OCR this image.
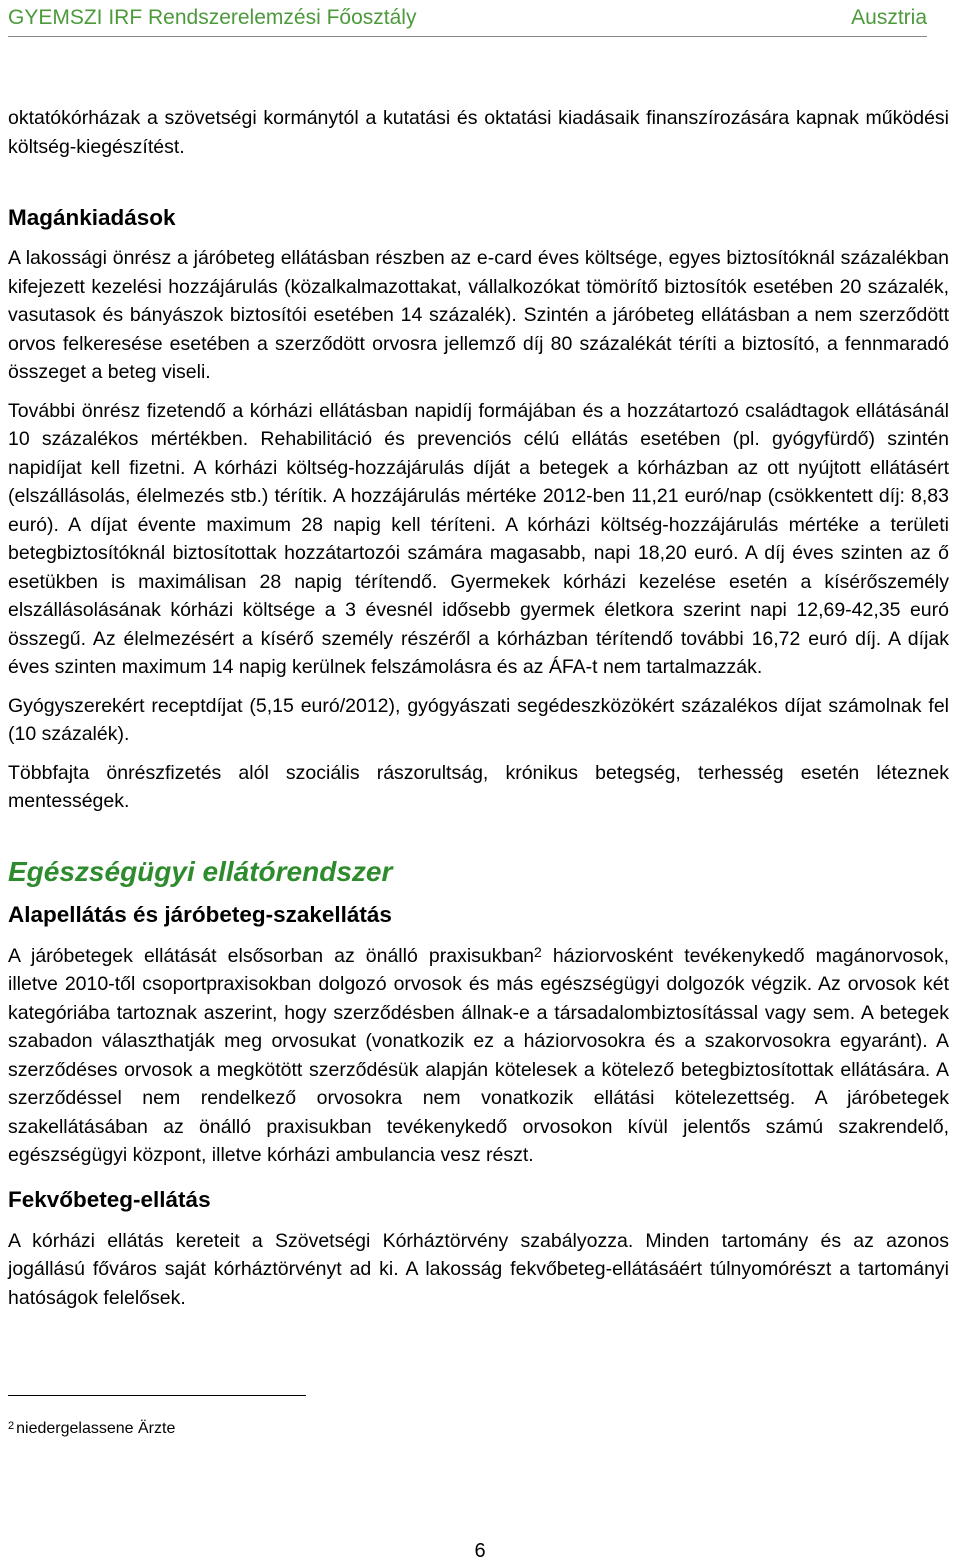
GYEMSZI IRF Rendszerelemzési Főosztály	Ausztria

oktatókórházak a szövetségi kormánytól a kutatási és oktatási kiadásaik finanszírozására kapnak működési költség-kiegészítést.

Magánkiadások

A lakossági önrész a járóbeteg ellátásban részben az e-card éves költsége, egyes biztosítóknál százalékban kifejezett kezelési hozzájárulás (közalkalmazottakat, vállalkozókat tömörítő biztosítók esetében 20 százalék, vasutasok és bányászok biztosítói esetében 14 százalék). Szintén a járóbeteg ellátásban a nem szerződött orvos felkeresése esetében a szerződött orvosra jellemző díj 80 százalékát téríti a biztosító, a fennmaradó összeget a beteg viseli.

További önrész fizetendő a kórházi ellátásban napidíj formájában és a hozzátartozó családtagok ellátásánál 10 százalékos mértékben. Rehabilitáció és prevenciós célú ellátás esetében (pl. gyógyfürdő) szintén napidíjat kell fizetni. A kórházi költség-hozzájárulás díját a betegek a kórházban az ott nyújtott ellátásért (elszállásolás, élelmezés stb.) térítik. A hozzájárulás mértéke 2012-ben 11,21 euró/nap (csökkentett díj: 8,83 euró). A díjat évente maximum 28 napig kell téríteni. A kórházi költség-hozzájárulás mértéke a területi betegbiztosítóknál biztosítottak hozzátartozói számára magasabb, napi 18,20 euró. A díj éves szinten az ő esetükben is maximálisan 28 napig térítendő. Gyermekek kórházi kezelése esetén a kísérőszemély elszállásolásának kórházi költsége a 3 évesnél idősebb gyermek életkora szerint napi 12,69-42,35 euró összegű. Az élelmezésért a kísérő személy részéről a kórházban térítendő további 16,72 euró díj. A díjak éves szinten maximum 14 napig kerülnek felszámolásra és az ÁFA-t nem tartalmazzák.

Gyógyszerekért receptdíjat (5,15 euró/2012), gyógyászati segédeszközökért százalékos díjat számolnak fel (10 százalék).

Többfajta önrészfizetés alól szociális rászorultság, krónikus betegség, terhesség esetén léteznek mentességek.

Egészségügyi ellátórendszer
Alapellátás és járóbeteg-szakellátás

A járóbetegek ellátását elsősorban az önálló praxisukban$^2$ háziorvosként tevékenykedő magánorvosok, illetve 2010-től csoportpraxisokban dolgozó orvosok és más egészségügyi dolgozók végzik. Az orvosok két kategóriába tartoznak aszerint, hogy szerződésben állnak-e a társadalombiztosítással vagy sem. A betegek szabadon választhatják meg orvosukat (vonatkozik ez a háziorvosokra és a szakorvosokra egyaránt). A szerződéses orvosok a megkötött szerződésük alapján kötelesek a kötelező betegbiztosítottak ellátására. A szerződéssel nem rendelkező orvosokra nem vonatkozik ellátási kötelezettség. A járóbetegek szakellátásában az önálló praxisukban tevékenykedő orvosokon kívül jelentős számú szakrendelő, egészségügyi központ, illetve kórházi ambulancia vesz részt.

Fekvőbeteg-ellátás

A kórházi ellátás kereteit a Szövetségi Kórháztörvény szabályozza. Minden tartomány és az azonos jogállású főváros saját kórháztörvényt ad ki. A lakosság fekvőbeteg-ellátásáért túlnyomórészt a tartományi hatóságok felelősek.

$^2$ niedergelassene Ärzte
6
